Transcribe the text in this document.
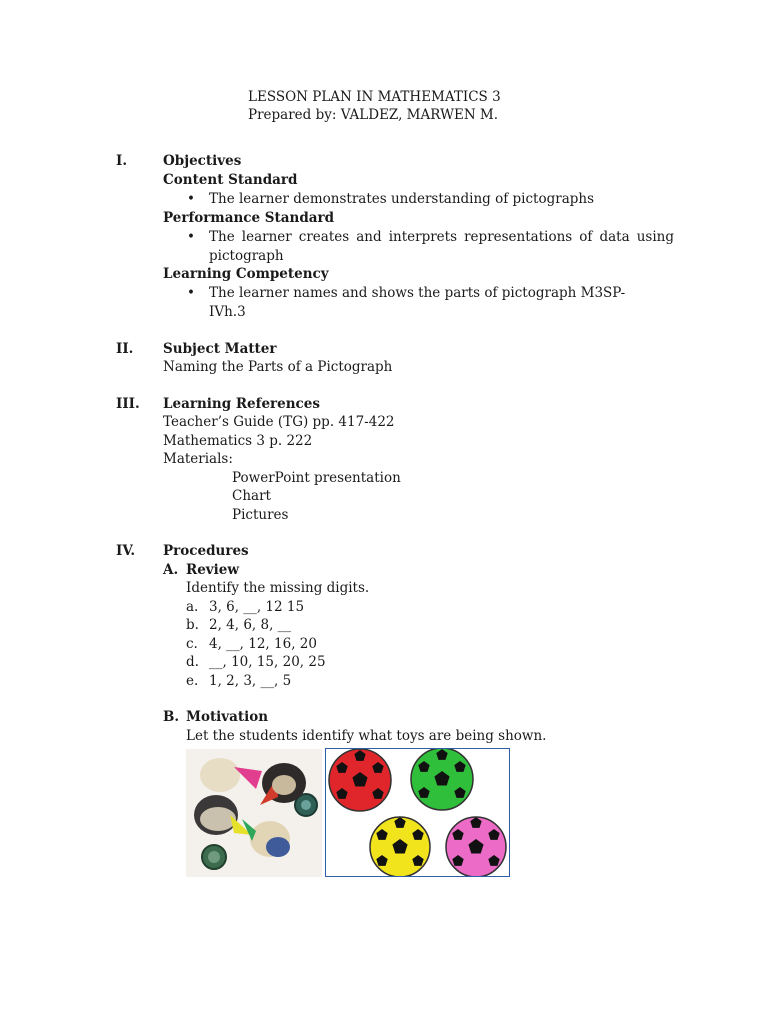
LESSON PLAN IN MATHEMATICS 3
Prepared by: VALDEZ, MARWEN M.
I.	Objectives
Content Standard
• The learner demonstrates understanding of pictographs
Performance Standard
• The learner creates and interprets representations of data using pictograph
Learning Competency
• The learner names and shows the parts of pictograph M3SP-
IVh.3
II. Subject Matter
Naming the Parts of a Pictograph
III. Learning References
Teacher’s Guide (TG) pp. 417-422
Mathematics 3 p. 222
Materials:
PowerPoint presentation
Chart
Pictures
IV. Procedures
A. Review
Identify the missing digits.
a. 3, 6, __, 12 15
b. 2, 4, 6, 8, __
c. 4, __, 12, 16, 20
d. __, 10, 15, 20, 25
e. 1, 2, 3, __, 5
B. Motivation
Let the students identify what toys are being shown.
